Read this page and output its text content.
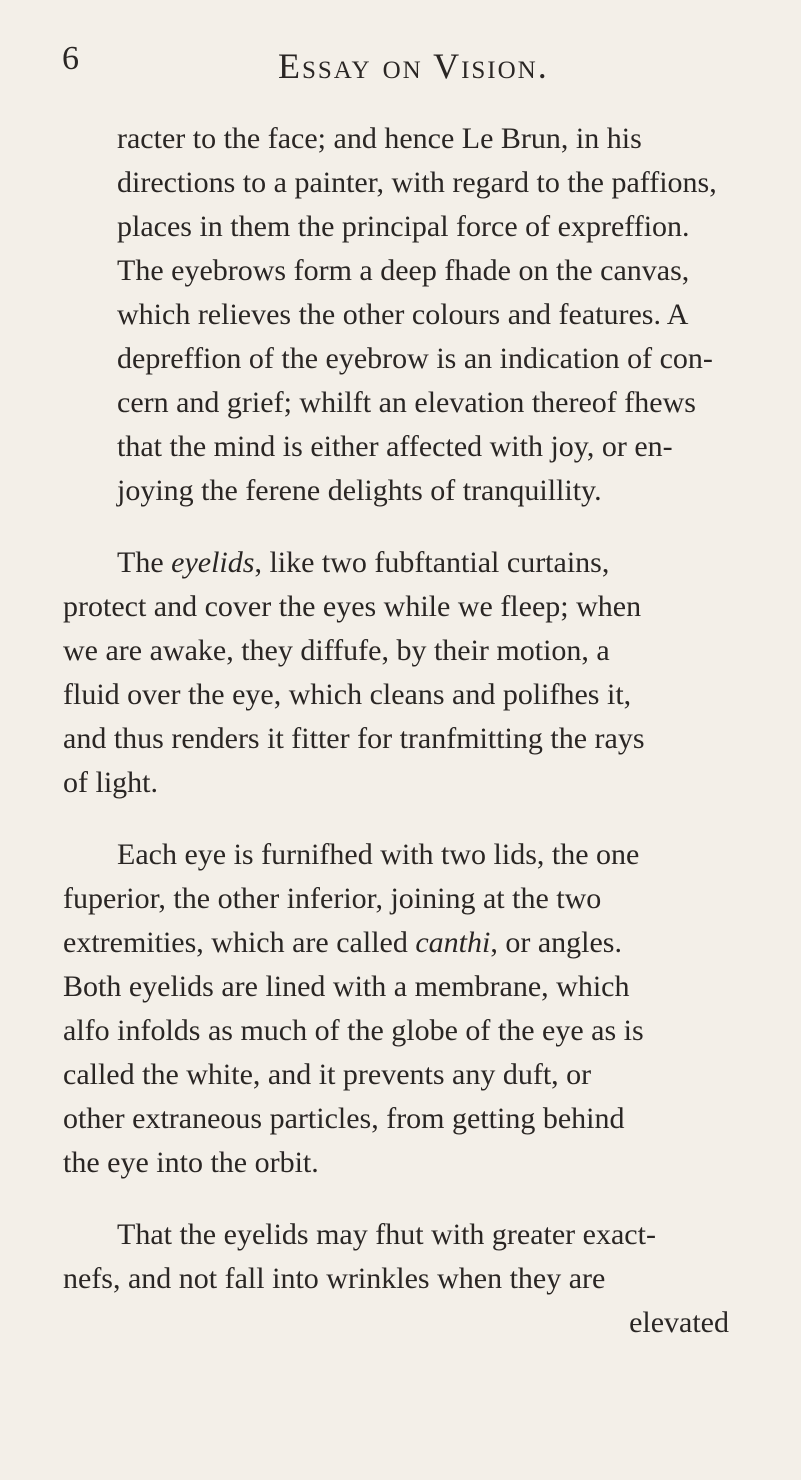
6	Essay on Vision.
racter to the face; and hence Le Brun, in his
directions to a painter, with regard to the paffions,
places in them the principal force of expreffion.
The eyebrows form a deep fhade on the canvas,
which relieves the other colours and features. A
depreffion of the eyebrow is an indication of con-
cern and grief; whilft an elevation thereof fhews
that the mind is either affected with joy, or en-
joying the ferene delights of tranquillity.
The eyelids, like two fubftantial curtains,
protect and cover the eyes while we fleep; when
we are awake, they diffufe, by their motion, a
fluid over the eye, which cleans and polifhes it,
and thus renders it fitter for tranfmitting the rays
of light.
Each eye is furnifhed with two lids, the one
fuperior, the other inferior, joining at the two
extremities, which are called canthi, or angles.
Both eyelids are lined with a membrane, which
alfo infolds as much of the globe of the eye as is
called the white, and it prevents any duft, or
other extraneous particles, from getting behind
the eye into the orbit.
That the eyelids may fhut with greater exact-
nefs, and not fall into wrinkles when they are
elevated
